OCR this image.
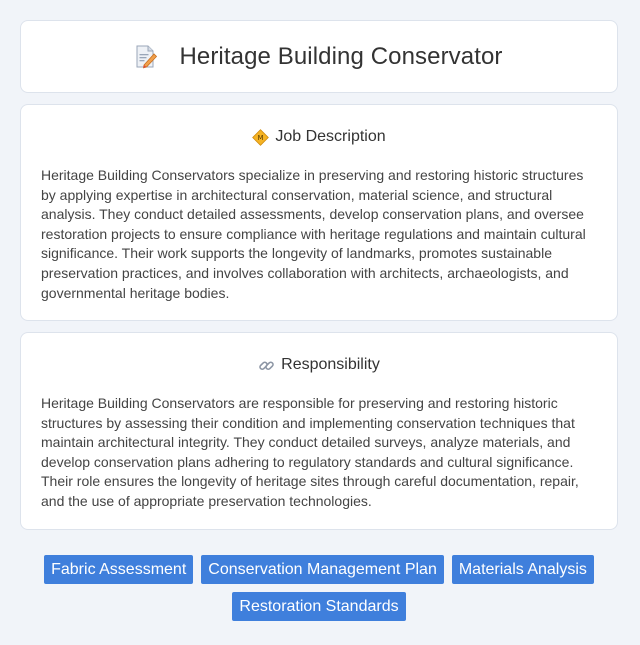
Heritage Building Conservator
M Job Description

Heritage Building Conservators specialize in preserving and restoring historic structures by applying expertise in architectural conservation, material science, and structural analysis. They conduct detailed assessments, develop conservation plans, and oversee restoration projects to ensure compliance with heritage regulations and maintain cultural significance. Their work supports the longevity of landmarks, promotes sustainable preservation practices, and involves collaboration with architects, archaeologists, and governmental heritage bodies.

Responsibility

Heritage Building Conservators are responsible for preserving and restoring historic structures by assessing their condition and implementing conservation techniques that maintain architectural integrity. They conduct detailed surveys, analyze materials, and develop conservation plans adhering to regulatory standards and cultural significance. Their role ensures the longevity of heritage sites through careful documentation, repair, and the use of appropriate preservation technologies.

Fabric Assessment	Conservation Management Plan	Materials Analysis
Restoration Standards
